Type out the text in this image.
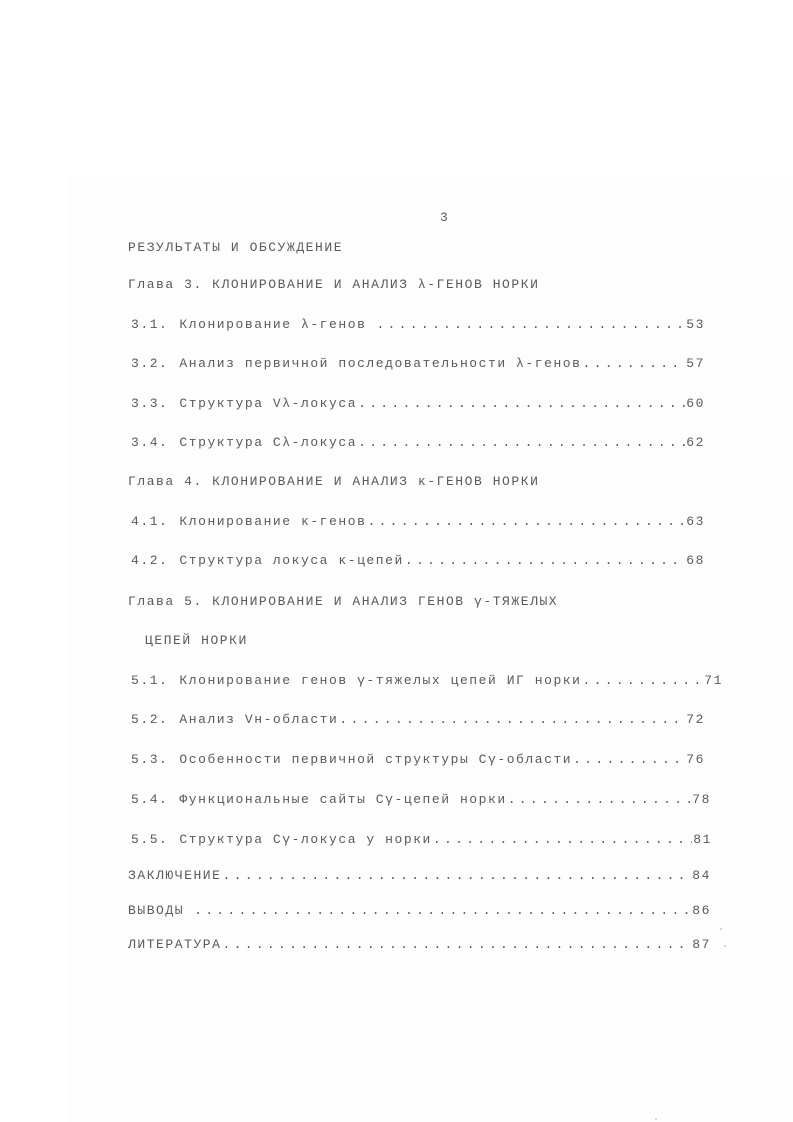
3
РЕЗУЛЬТАТЫ И ОБСУЖДЕНИЕ
Глава 3. КЛОНИРОВАНИЕ И АНАЛИЗ λ-ГЕНОВ НОРКИ
3.1. Клонирование λ-генов .....	53
3.2. Анализ первичной последовательности λ-генов .....	57
3.3. Структура Vλ-локуса .....	60
3.4. Структура Cλ-локуса .....	62
Глава 4. КЛОНИРОВАНИЕ И АНАЛИЗ κ-ГЕНОВ НОРКИ
4.1. Клонирование κ-генов .....	63
4.2. Структура локуса κ-цепей .....	68
Глава 5. КЛОНИРОВАНИЕ И АНАЛИЗ ГЕНОВ γ-ТЯЖЕЛЫХ
ЦЕПЕЙ НОРКИ
5.1. Клонирование генов γ-тяжелых цепей ИГ норки .....	71
5.2. Анализ Vн-области .....	72
5.3. Особенности первичной структуры Cγ-области .....	76
5.4. Функциональные сайты Cγ-цепей норки .....	78
5.5. Структура Cγ-локуса у норки .....	81
ЗАКЛЮЧЕНИЕ .....	84
ВЫВОДЫ .....	86
ЛИТЕРАТУРА .....	87
